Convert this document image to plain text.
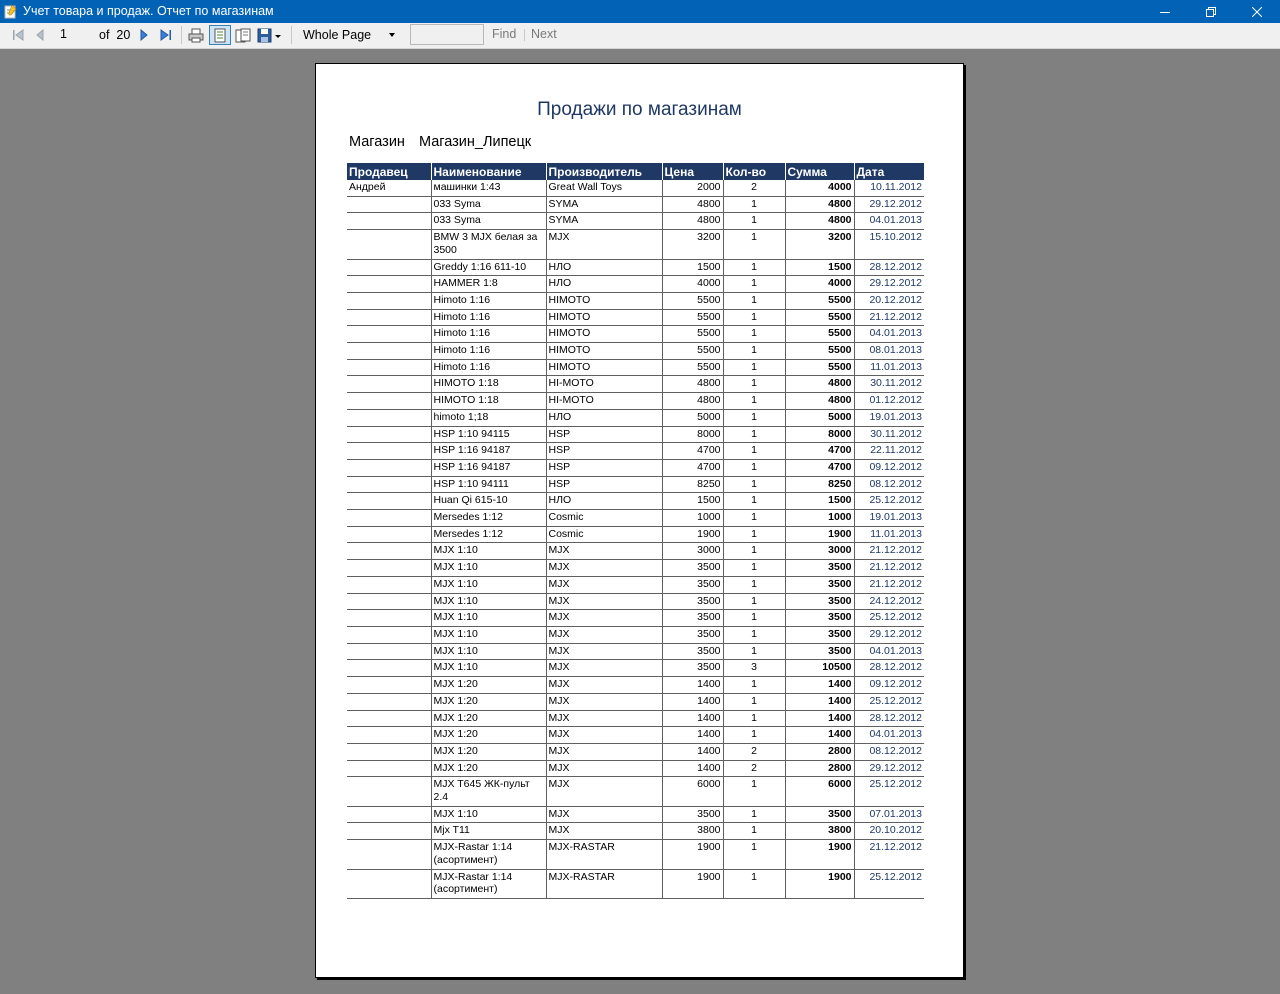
Учет товара и продаж. Отчет по магазинам
1	of 20	Whole Page	Find Next
Продажи по магазинам
Магазин Магазин_Липецк
Продавец	Наименование	Производитель	Цена	Кол-во	Сумма	Дата
Андрей	машинки 1:43	Great Wall Toys	2000	2	4000	10.11.2012
	033 Syma	SYMA	4800	1	4800	29.12.2012
	033 Syma	SYMA	4800	1	4800	04.01.2013
	BMW 3 MJX белая за 3500	MJX	3200	1	3200	15.10.2012
	Greddy 1:16 611-10	НЛО	1500	1	1500	28.12.2012
	HAMMER 1:8	НЛО	4000	1	4000	29.12.2012
	Himoto 1:16	HIMOTO	5500	1	5500	20.12.2012
	Himoto 1:16	HIMOTO	5500	1	5500	21.12.2012
	Himoto 1:16	HIMOTO	5500	1	5500	04.01.2013
	Himoto 1:16	HIMOTO	5500	1	5500	08.01.2013
	Himoto 1:16	HIMOTO	5500	1	5500	11.01.2013
	HIMOTO 1:18	HI-MOTO	4800	1	4800	30.11.2012
	HIMOTO 1:18	HI-MOTO	4800	1	4800	01.12.2012
	himoto 1;18	НЛО	5000	1	5000	19.01.2013
	HSP 1:10 94115	HSP	8000	1	8000	30.11.2012
	HSP 1:16 94187	HSP	4700	1	4700	22.11.2012
	HSP 1:16 94187	HSP	4700	1	4700	09.12.2012
	HSP 1:10 94111	HSP	8250	1	8250	08.12.2012
	Huan Qi 615-10	НЛО	1500	1	1500	25.12.2012
	Mersedes 1:12	Cosmic	1000	1	1000	19.01.2013
	Mersedes 1:12	Cosmic	1900	1	1900	11.01.2013
	MJX 1:10	MJX	3000	1	3000	21.12.2012
	MJX 1:10	MJX	3500	1	3500	21.12.2012
	MJX 1:10	MJX	3500	1	3500	21.12.2012
	MJX 1:10	MJX	3500	1	3500	24.12.2012
	MJX 1:10	MJX	3500	1	3500	25.12.2012
	MJX 1:10	MJX	3500	1	3500	29.12.2012
	MJX 1:10	MJX	3500	1	3500	04.01.2013
	MJX 1:10	MJX	3500	3	10500	28.12.2012
	MJX 1:20	MJX	1400	1	1400	09.12.2012
	MJX 1:20	MJX	1400	1	1400	25.12.2012
	MJX 1:20	MJX	1400	1	1400	28.12.2012
	MJX 1:20	MJX	1400	1	1400	04.01.2013
	MJX 1:20	MJX	1400	2	2800	08.12.2012
	MJX 1:20	MJX	1400	2	2800	29.12.2012
	MJX T645 ЖК-пульт 2.4	MJX	6000	1	6000	25.12.2012
	MJX 1:10	MJX	3500	1	3500	07.01.2013
	Mjx T11	MJX	3800	1	3800	20.10.2012
	MJX-Rastar 1:14 (асортимент)	MJX-RASTAR	1900	1	1900	21.12.2012
	MJX-Rastar 1:14 (асортимент)	MJX-RASTAR	1900	1	1900	25.12.2012
